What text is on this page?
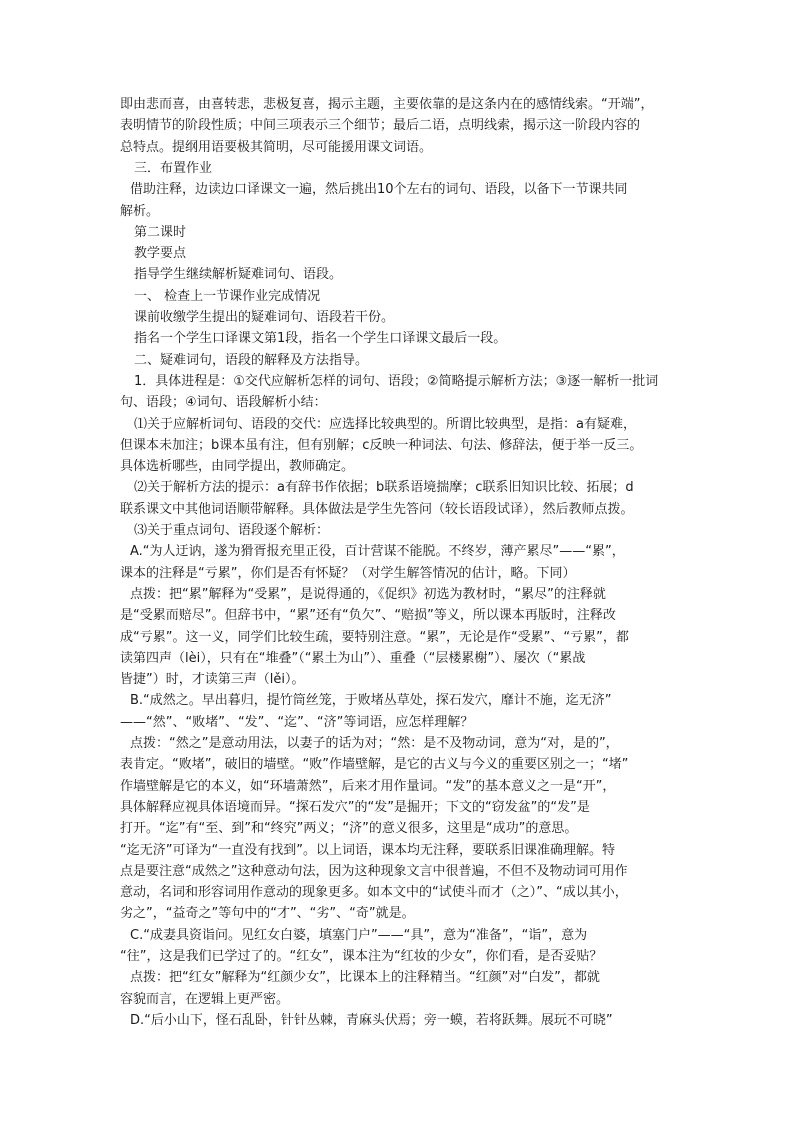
即由悲而喜，由喜转悲，悲极复喜，揭示主题，主要依靠的是这条内在的感情线索。“开端”，
表明情节的阶段性质；中间三项表示三个细节；最后二语，点明线索，揭示这一阶段内容的
总特点。提纲用语要极其简明，尽可能援用课文词语。
三．布置作业
借助注释，边读边口译课文一遍，然后挑出10个左右的词句、语段，以备下一节课共同
解析。
第二课时
教学要点
指导学生继续解析疑难词句、语段。
一、 检查上一节课作业完成情况
课前收缴学生提出的疑难词句、语段若干份。
指名一个学生口译课文第1段，指名一个学生口译课文最后一段。
二、疑难词句，语段的解释及方法指导。
1．具体进程是：①交代应解析怎样的词句、语段；②简略提示解析方法；③逐一解析一批词
句、语段；④词句、语段解析小结：
⑴关于应解析词句、语段的交代：应选择比较典型的。所谓比较典型，是指：a有疑难，
但课本未加注；b课本虽有注，但有别解；c反映一种词法、句法、修辞法，便于举一反三。
具体选析哪些，由同学提出，教师确定。
⑵关于解析方法的提示：a有辞书作依据；b联系语境揣摩；c联系旧知识比较、拓展；d
联系课文中其他词语顺带解释。具体做法是学生先答问（较长语段试译），然后教师点拨。
⑶关于重点词句、语段逐个解析：
A.“为人迂讷，遂为猾胥报充里正役，百计营谋不能脱。不终岁，薄产累尽”——“累”，
课本的注释是“亏累”，你们是否有怀疑？（对学生解答情况的估计，略。下同）
点拨：把“累”解释为“受累”，是说得通的，《促织》初选为教材时，“累尽”的注释就
是“受累而赔尽”。但辞书中，“累”还有“负欠”、“赔损”等义，所以课本再版时，注释改
成“亏累”。这一义，同学们比较生疏，要特别注意。“累”，无论是作“受累”、“亏累”，都
读第四声（lèi），只有在“堆叠”（“累土为山”）、重叠（“层楼累榭”）、屡次（“累战
皆捷”）时，才读第三声（lěi）。
B.“成然之。早出暮归，提竹筒丝笼，于败堵丛草处，探石发穴，靡计不施，迄无济”
——“然”、“败堵”、“发”、“迄”、“济”等词语，应怎样理解？
点拨：“然之”是意动用法，以妻子的话为对；“然：是不及物动词，意为“对，是的”，
表肯定。“败堵”，破旧的墙壁。“败”作墙壁解，是它的古义与今义的重要区别之一；“堵”
作墙壁解是它的本义，如“环墙萧然”，后来才用作量词。“发”的基本意义之一是“开”，
具体解释应视具体语境而异。“探石发穴”的“发”是掘开；下文的“窃发盆”的“发”是
打开。“迄”有“至、到”和“终究”两义；“济”的意义很多，这里是“成功”的意思。
“迄无济”可译为“一直没有找到”。以上词语，课本均无注释，要联系旧课准确理解。特
点是要注意“成然之”这种意动句法，因为这种现象文言中很普遍，不但不及物动词可用作
意动，名词和形容词用作意动的现象更多。如本文中的“试使斗而才（之）”、“成以其小，
劣之”，“益奇之”等句中的“才”、“劣”、“奇”就是。
C.“成妻具资诣问。见红女白婆，填塞门户”——“具”，意为“准备”，“诣”，意为
“往”，这是我们已学过了的。“红女”，课本注为“红妆的少女”，你们看，是否妥贴？
点拨：把“红女”解释为“红颜少女”，比课本上的注释精当。“红颜”对“白发”，都就
容貌而言，在逻辑上更严密。
D.“后小山下，怪石乱卧，针针丛棘，青麻头伏焉；旁一蟆，若将跃舞。展玩不可晓”
